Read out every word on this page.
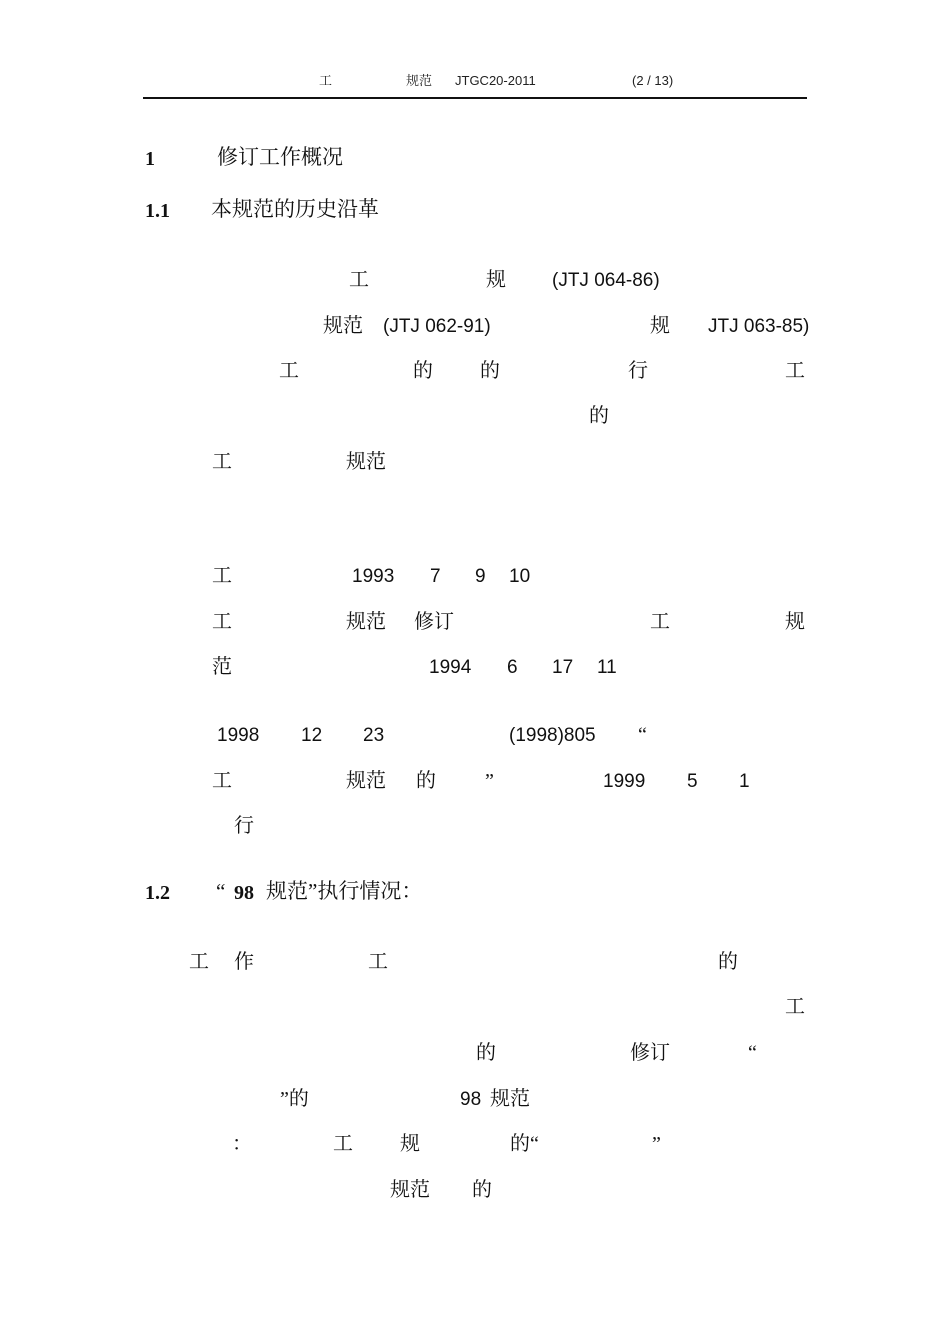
工	规范 JTGC20-2011	(2 / 13)
1	修订工作概况
1.1 本规范的历史沿革
工	规 (JTJ 064-86)
规范 (JTJ 062-91)	规 JTJ 063-85)
工	的 的	行	工
的
工	规范
工	1993 7 9 10
工	规范 修订	工	规
范	1994 6 17 11
1998 12 23	(1998)805 “
工	规范 的 ”	1999 5 1
行
1.2 “ 98 规范”执行情况：
工 作	工	的
工
的	修订	“
”的	98 规范
：	工 规	的“	”
规范 的
